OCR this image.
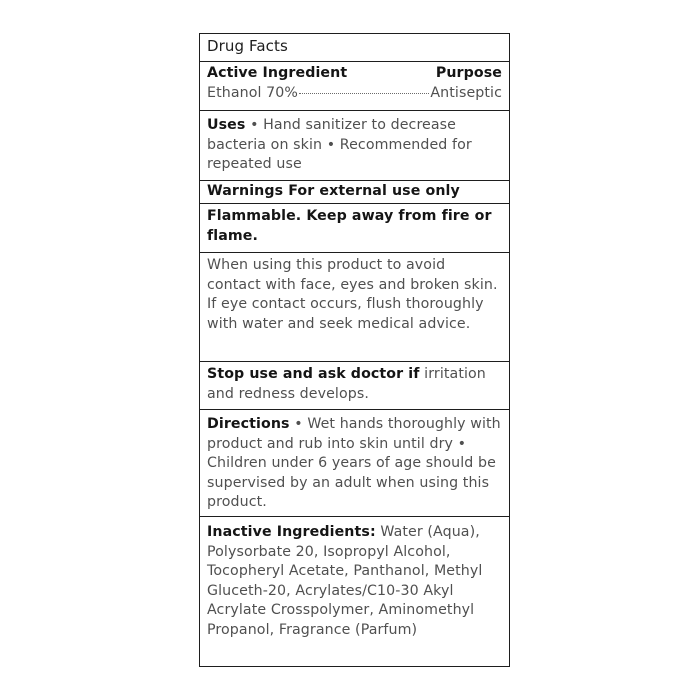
Drug Facts
Active Ingredient	Purpose
Ethanol 70%	Antiseptic
Uses • Hand sanitizer to decrease bacteria on skin • Recommended for repeated use
Warnings For external use only
Flammable. Keep away from fire or flame.
When using this product to avoid contact with face, eyes and broken skin. If eye contact occurs, flush thoroughly with water and seek medical advice.
Stop use and ask doctor if irritation and redness develops.
Directions • Wet hands thoroughly with product and rub into skin until dry • Children under 6 years of age should be supervised by an adult when using this product.
Inactive Ingredients: Water (Aqua), Polysorbate 20, Isopropyl Alcohol, Tocopheryl Acetate, Panthanol, Methyl Gluceth-20, Acrylates/C10-30 Akyl Acrylate Crosspolymer, Aminomethyl Propanol, Fragrance (Parfum)
